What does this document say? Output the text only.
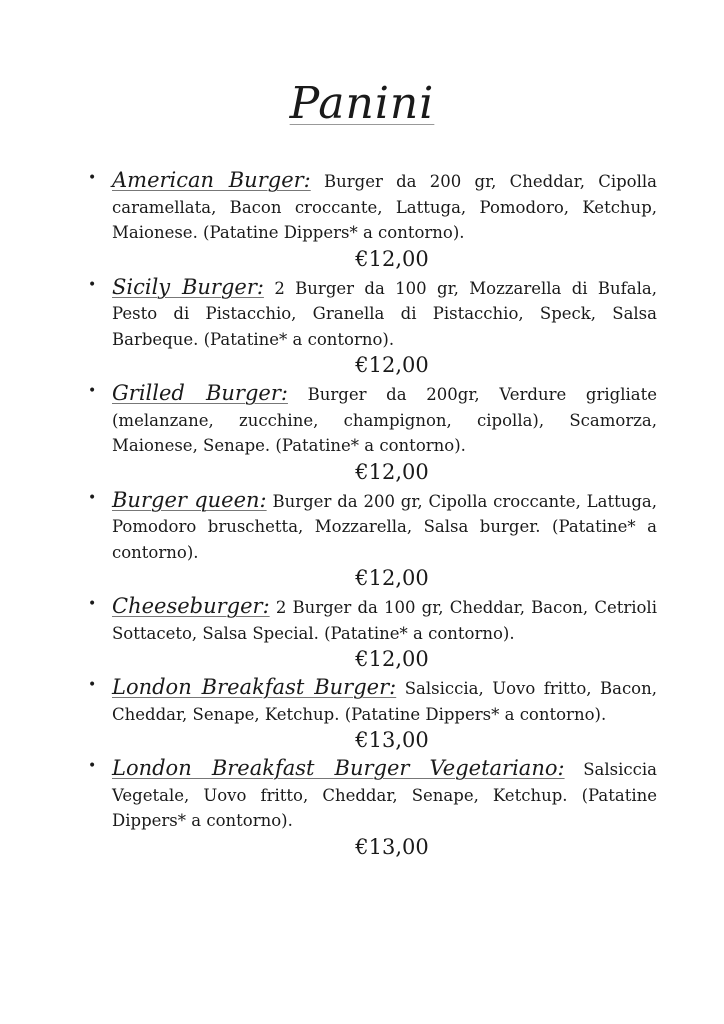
Panini
• American Burger: Burger da 200 gr, Cheddar, Cipolla caramellata, Bacon croccante, Lattuga, Pomodoro, Ketchup, Maionese. (Patatine Dippers* a contorno).
€12,00
• Sicily Burger: 2 Burger da 100 gr, Mozzarella di Bufala, Pesto di Pistacchio, Granella di Pistacchio, Speck, Salsa Barbeque. (Patatine* a contorno).
€12,00
• Grilled Burger: Burger da 200gr, Verdure grigliate (melanzane, zucchine, champignon, cipolla), Scamorza, Maionese, Senape. (Patatine* a contorno).
€12,00
• Burger queen: Burger da 200 gr, Cipolla croccante, Lattuga, Pomodoro bruschetta, Mozzarella, Salsa burger. (Patatine* a contorno).
€12,00
• Cheeseburger: 2 Burger da 100 gr, Cheddar, Bacon, Cetrioli Sottaceto, Salsa Special. (Patatine* a contorno).
€12,00
• London Breakfast Burger: Salsiccia, Uovo fritto, Bacon, Cheddar, Senape, Ketchup. (Patatine Dippers* a contorno).
€13,00
• London Breakfast Burger Vegetariano: Salsiccia Vegetale, Uovo fritto, Cheddar, Senape, Ketchup. (Patatine Dippers* a contorno).
€13,00
